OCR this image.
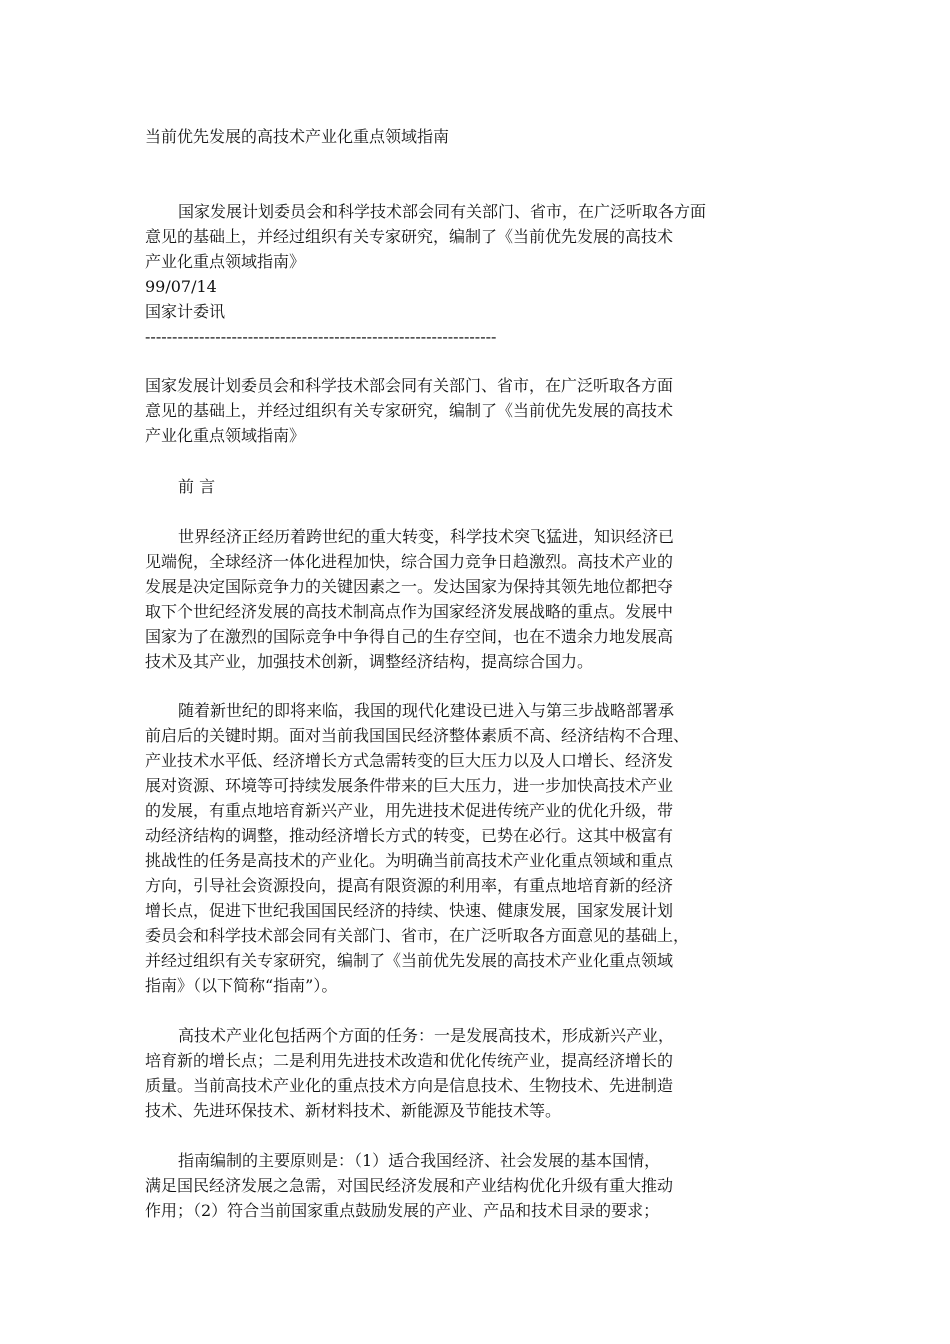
当前优先发展的高技术产业化重点领域指南
国家发展计划委员会和科学技术部会同有关部门、省市，在广泛听取各方面
意见的基础上，并经过组织有关专家研究，编制了《当前优先发展的高技术
产业化重点领域指南》
99/07/14
国家计委讯
-----------------------------------------------------------------
国家发展计划委员会和科学技术部会同有关部门、省市，在广泛听取各方面
意见的基础上，并经过组织有关专家研究，编制了《当前优先发展的高技术
产业化重点领域指南》
前 言
世界经济正经历着跨世纪的重大转变，科学技术突飞猛进，知识经济已
见端倪，全球经济一体化进程加快，综合国力竞争日趋激烈。高技术产业的
发展是决定国际竞争力的关键因素之一。发达国家为保持其领先地位都把夺
取下个世纪经济发展的高技术制高点作为国家经济发展战略的重点。发展中
国家为了在激烈的国际竞争中争得自己的生存空间，也在不遗余力地发展高
技术及其产业，加强技术创新，调整经济结构，提高综合国力。
随着新世纪的即将来临，我国的现代化建设已进入与第三步战略部署承
前启后的关键时期。面对当前我国国民经济整体素质不高、经济结构不合理、
产业技术水平低、经济增长方式急需转变的巨大压力以及人口增长、经济发
展对资源、环境等可持续发展条件带来的巨大压力，进一步加快高技术产业
的发展，有重点地培育新兴产业，用先进技术促进传统产业的优化升级，带
动经济结构的调整，推动经济增长方式的转变，已势在必行。这其中极富有
挑战性的任务是高技术的产业化。为明确当前高技术产业化重点领域和重点
方向，引导社会资源投向，提高有限资源的利用率，有重点地培育新的经济
增长点，促进下世纪我国国民经济的持续、快速、健康发展，国家发展计划
委员会和科学技术部会同有关部门、省市，在广泛听取各方面意见的基础上，
并经过组织有关专家研究，编制了《当前优先发展的高技术产业化重点领域
指南》（以下简称“指南”）。
高技术产业化包括两个方面的任务：一是发展高技术，形成新兴产业，
培育新的增长点；二是利用先进技术改造和优化传统产业，提高经济增长的
质量。当前高技术产业化的重点技术方向是信息技术、生物技术、先进制造
技术、先进环保技术、新材料技术、新能源及节能技术等。
指南编制的主要原则是：（1）适合我国经济、社会发展的基本国情，
满足国民经济发展之急需，对国民经济发展和产业结构优化升级有重大推动
作用；（2）符合当前国家重点鼓励发展的产业、产品和技术目录的要求；
